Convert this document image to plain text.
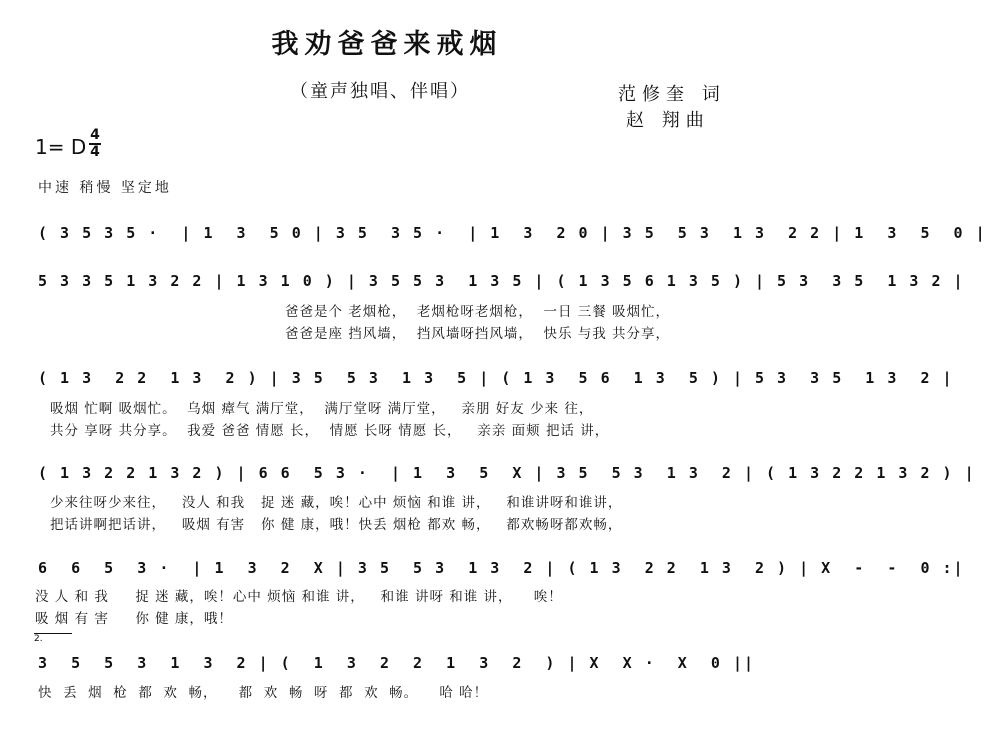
我劝爸爸来戒烟
（童声独唱、伴唱）	范修奎 词
赵 翔曲
1= D 4
4
中速 稍慢 坚定地
( 3 5 3 5 ·  | 1  3  5 0 | 3 5  3 5 ·  | 1  3  2 0 | 3 5  5 3  1 3  2 2 | 1  3  5  0 |
5 3 3 5 1 3 2 2 | 1 3 1 0 ) | 3 5 5 3  1 3 5 | ( 1 3 5 6 1 3 5 ) | 5 3  3 5  1 3 2 |
爸爸是个 老烟枪，  老烟枪呀老烟枪，  一日 三餐 吸烟忙，
爸爸是座 挡风墙，  挡风墙呀挡风墙，  快乐 与我 共分享，
( 1 3  2 2  1 3  2 ) | 3 5  5 3  1 3  5 | ( 1 3  5 6  1 3  5 ) | 5 3  3 5  1 3  2 |
吸烟 忙啊 吸烟忙。  乌烟 瘴气 满厅堂，  满厅堂呀 满厅堂，   亲朋 好友 少来 往，
共分 享呀 共分享。  我爱 爸爸 情愿 长，  情愿 长呀 情愿 长，   亲亲 面颊 把话 讲，
( 1 3 2 2 1 3 2 ) | 6 6  5 3 ·  | 1  3  5  X | 3 5  5 3  1 3  2 | ( 1 3 2 2 1 3 2 ) |
少来往呀少来往，   没人 和我   捉 迷 藏，唉！心中 烦恼 和谁 讲，   和谁讲呀和谁讲，
把话讲啊把话讲，   吸烟 有害   你 健 康，哦！快丢 烟枪 都欢 畅，   都欢畅呀都欢畅，
6  6  5  3 ·  | 1  3  2  X | 3 5  5 3  1 3  2 | ( 1 3  2 2  1 3  2 ) | X  -  -  0 :|
没 人 和 我     捉 迷 藏，唉！心中 烦恼 和谁 讲，   和谁 讲呀 和谁 讲，    唉！
吸 烟 有 害     你 健 康，哦！
2.
3  5  5  3  1  3  2 | (  1  3  2  2  1  3  2  ) | X  X ·  X  0 ||
快  丢  烟  枪  都  欢  畅，    都  欢  畅  呀  都  欢  畅。    哈 哈！
